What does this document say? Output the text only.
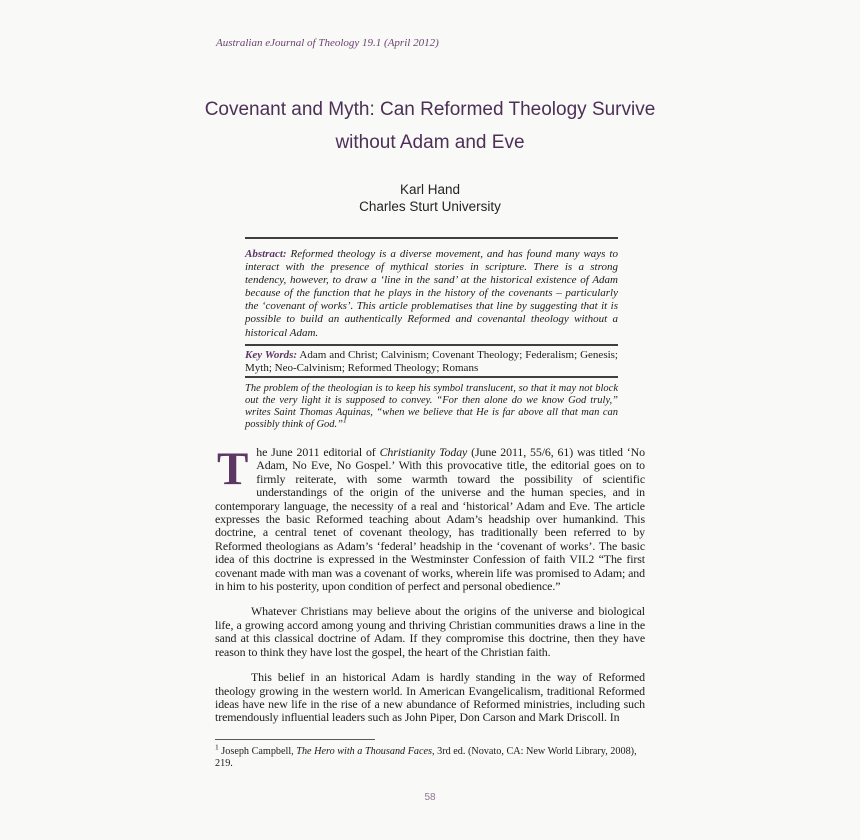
Australian eJournal of Theology 19.1 (April 2012)
Covenant and Myth: Can Reformed Theology Survive
without Adam and Eve
Karl Hand
Charles Sturt University
Abstract: Reformed theology is a diverse movement, and has found many ways to interact with the presence of mythical stories in scripture. There is a strong tendency, however, to draw a ‘line in the sand’ at the historical existence of Adam because of the function that he plays in the history of the covenants – particularly the ‘covenant of works’. This article problematises that line by suggesting that it is possible to build an authentically Reformed and covenantal theology without a historical Adam.
Key Words: Adam and Christ; Calvinism; Covenant Theology; Federalism; Genesis; Myth; Neo-Calvinism; Reformed Theology; Romans
The problem of the theologian is to keep his symbol translucent, so that it may not block out the very light it is supposed to convey. “For then alone do we know God truly,” writes Saint Thomas Aquinas, “when we believe that He is far above all that man can possibly think of God.”$^1$

The June 2011 editorial of Christianity Today (June 2011, 55/6, 61) was titled ‘No Adam, No Eve, No Gospel.’ With this provocative title, the editorial goes on to firmly reiterate, with some warmth toward the possibility of scientific understandings of the origin of the universe and the human species, and in contemporary language, the necessity of a real and ‘historical’ Adam and Eve. The article expresses the basic Reformed teaching about Adam’s headship over humankind. This doctrine, a central tenet of covenant theology, has traditionally been referred to by Reformed theologians as Adam’s ‘federal’ headship in the ‘covenant of works’. The basic idea of this doctrine is expressed in the Westminster Confession of faith VII.2 “The first covenant made with man was a covenant of works, wherein life was promised to Adam; and in him to his posterity, upon condition of perfect and personal obedience.”

Whatever Christians may believe about the origins of the universe and biological life, a growing accord among young and thriving Christian communities draws a line in the sand at this classical doctrine of Adam. If they compromise this doctrine, then they have reason to think they have lost the gospel, the heart of the Christian faith.

This belief in an historical Adam is hardly standing in the way of Reformed theology growing in the western world. In American Evangelicalism, traditional Reformed ideas have new life in the rise of a new abundance of Reformed ministries, including such tremendously influential leaders such as John Piper, Don Carson and Mark Driscoll. In

$^1$ Joseph Campbell, The Hero with a Thousand Faces, 3rd ed. (Novato, CA: New World Library, 2008), 219.
58
